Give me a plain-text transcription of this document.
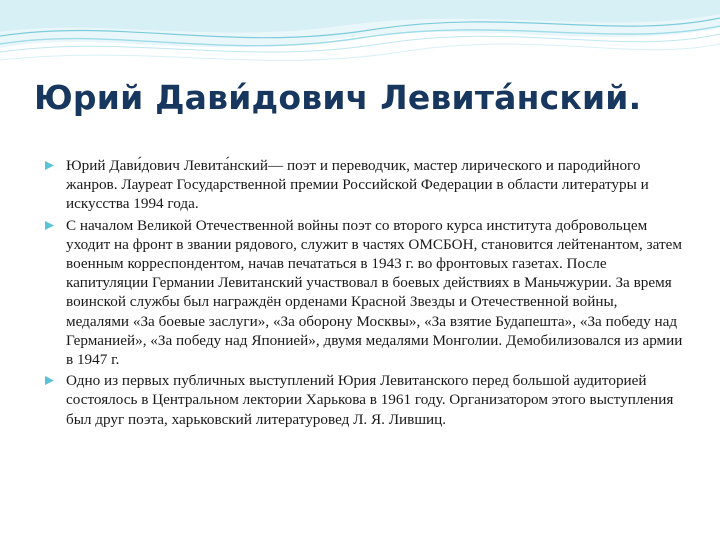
Юрий Дави́дович Левита́нский.
Юрий Дави́дович Левита́нский— поэт и переводчик, мастер лирического и пародийного жанров. Лауреат Государственной премии Российской Федерации в области литературы и искусства 1994 года.
С началом Великой Отечественной войны поэт со второго курса института добровольцем уходит на фронт в звании рядового, служит в частях ОМСБОН, становится лейтенантом, затем военным корреспондентом, начав печататься в 1943 г. во фронтовых газетах. После капитуляции Германии Левитанский участвовал в боевых действиях в Маньчжурии. За время воинской службы был награждён орденами Красной Звезды и Отечественной войны, медалями «За боевые заслуги», «За оборону Москвы», «За взятие Будапешта», «За победу над Германией», «За победу над Японией», двумя медалями Монголии. Демобилизовался из армии в 1947 г.
Одно из первых публичных выступлений Юрия Левитанского перед большой аудиторией состоялось в Центральном лектории Харькова в 1961 году. Организатором этого выступления был друг поэта, харьковский литературовед Л. Я. Лившиц.
